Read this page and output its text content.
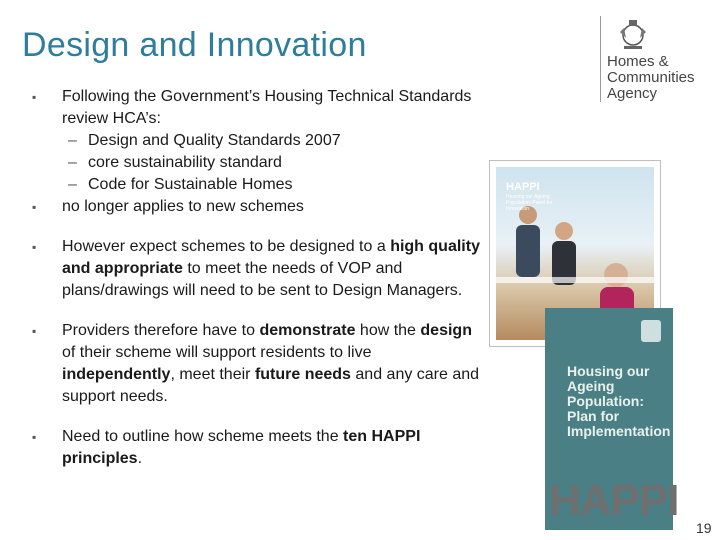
Design and Innovation	Homes &
Communities
Agency
▪ Following the Government’s Housing Technical Standards review HCA’s:
– Design and Quality Standards 2007
– core sustainability standard
– Code for Sustainable Homes
▪ no longer applies to new schemes
▪ However expect schemes to be designed to a high quality and appropriate to meet the needs of VOP and plans/drawings will need to be sent to Design Managers.
▪ Providers therefore have to demonstrate how the design of their scheme will support residents to live independently, meet their future needs and any care and support needs.
▪ Need to outline how scheme meets the ten HAPPI principles.
HAPPI
Housing our Ageing Population: Panel for Innovation
Housing our Ageing Population: Plan for Implementation
HAPPI
19
